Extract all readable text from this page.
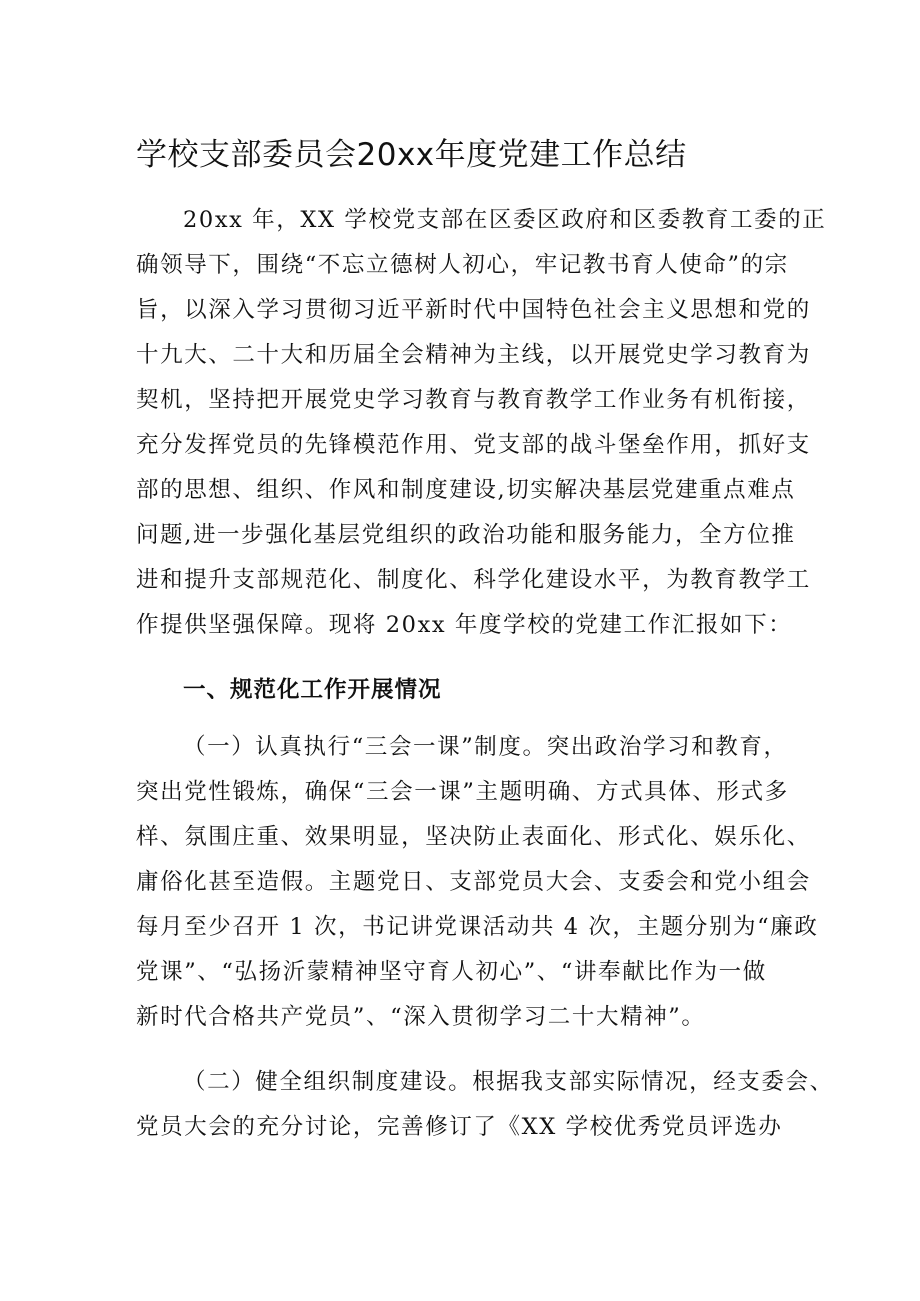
学校支部委员会20xx年度党建工作总结
20xx 年，XX 学校党支部在区委区政府和区委教育工委的正
确领导下，围绕“不忘立德树人初心，牢记教书育人使命”的宗
旨，以深入学习贯彻习近平新时代中国特色社会主义思想和党的
十九大、二十大和历届全会精神为主线，以开展党史学习教育为
契机，坚持把开展党史学习教育与教育教学工作业务有机衔接，
充分发挥党员的先锋模范作用、党支部的战斗堡垒作用，抓好支
部的思想、组织、作风和制度建设,切实解决基层党建重点难点
问题,进一步强化基层党组织的政治功能和服务能力，全方位推
进和提升支部规范化、制度化、科学化建设水平，为教育教学工
作提供坚强保障。现将 20xx 年度学校的党建工作汇报如下：
一、规范化工作开展情况
（一）认真执行“三会一课”制度。突出政治学习和教育，
突出党性锻炼，确保“三会一课”主题明确、方式具体、形式多
样、氛围庄重、效果明显，坚决防止表面化、形式化、娱乐化、
庸俗化甚至造假。主题党日、支部党员大会、支委会和党小组会
每月至少召开 1 次，书记讲党课活动共 4 次，主题分别为“廉政
党课”、“弘扬沂蒙精神坚守育人初心”、“讲奉献比作为一做
新时代合格共产党员”、“深入贯彻学习二十大精神”。
（二）健全组织制度建设。根据我支部实际情况，经支委会、
党员大会的充分讨论，完善修订了《XX 学校优秀党员评选办
